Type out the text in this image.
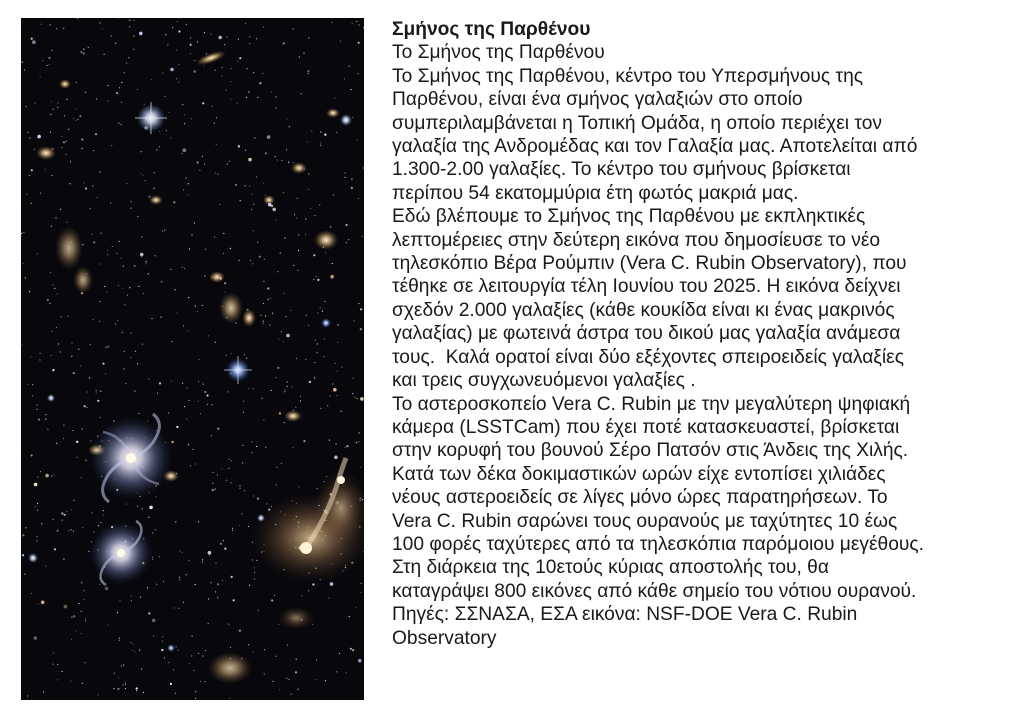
Σμήνος της Παρθένου

Το Σμήνος της Παρθένου

Το Σμήνος της Παρθένου, κέντρο του Υπερσμήνους της
Παρθένου, είναι ένα σμήνος γαλαξιών στο οποίο
συμπεριλαμβάνεται η Τοπική Ομάδα, η οποίο περιέχει τον
γαλαξία της Ανδρομέδας και τον Γαλαξία μας. Αποτελείται από
1.300-2.00 γαλαξίες. Το κέντρο του σμήνους βρίσκεται
περίπου 54 εκατομμύρια έτη φωτός μακριά μας.
Εδώ βλέπουμε το Σμήνος της Παρθένου με εκπληκτικές
λεπτομέρειες στην δεύτερη εικόνα που δημοσίευσε το νέο
τηλεσκόπιο Βέρα Ρούμπιν (Vera C. Rubin Observatory), που
τέθηκε σε λειτουργία τέλη Ιουνίου του 2025. Η εικόνα δείχνει
σχεδόν 2.000 γαλαξίες (κάθε κουκίδα είναι κι ένας μακρινός
γαλαξίας) με φωτεινά άστρα του δικού μας γαλαξία ανάμεσα
τους.  Καλά ορατοί είναι δύο εξέχοντες σπειροειδείς γαλαξίες
και τρεις συγχωνευόμενοι γαλαξίες .
Το αστεροσκοπείο Vera C. Rubin με την μεγαλύτερη ψηφιακή
κάμερα (LSSTCam) που έχει ποτέ κατασκευαστεί, βρίσκεται
στην κορυφή του βουνού Σέρο Πατσόν στις Άνδεις της Χιλής.
Κατά των δέκα δοκιμαστικών ωρών είχε εντοπίσει χιλιάδες
νέους αστεροειδείς σε λίγες μόνο ώρες παρατηρήσεων. Το
Vera C. Rubin σαρώνει τους ουρανούς με ταχύτητες 10 έως
100 φορές ταχύτερες από τα τηλεσκόπια παρόμοιου μεγέθους.
Στη διάρκεια της 10ετούς κύριας αποστολής του, θα
καταγράψει 800 εικόνες από κάθε σημείο του νότιου ουρανού.
Πηγές: ΣΣΝΑΣΑ, ΕΣΑ εικόνα: NSF-DOE Vera C. Rubin
Observatory
